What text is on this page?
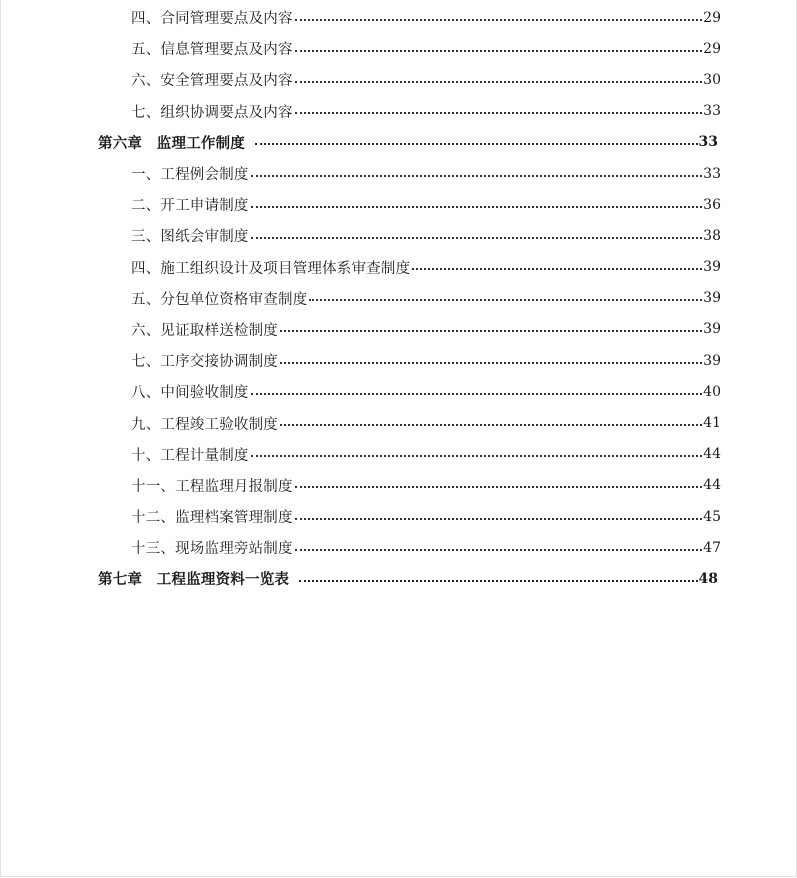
四、合同管理要点及内容	29
五、信息管理要点及内容	29
六、安全管理要点及内容	30
七、组织协调要点及内容	33
第六章　监理工作制度	33
一、工程例会制度	33
二、开工申请制度	36
三、图纸会审制度	38
四、施工组织设计及项目管理体系审查制度	39
五、分包单位资格审查制度	39
六、见证取样送检制度	39
七、工序交接协调制度	39
八、中间验收制度	40
九、工程竣工验收制度	41
十、工程计量制度	44
十一、工程监理月报制度	44
十二、监理档案管理制度	45
十三、现场监理旁站制度	47
第七章　工程监理资料一览表	48
